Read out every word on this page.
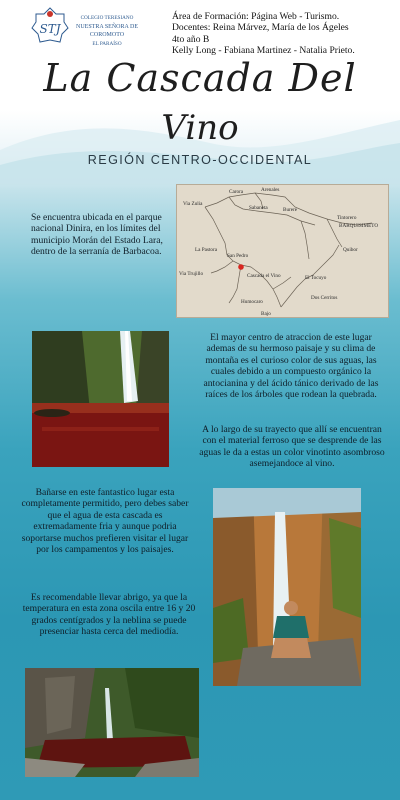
STJ
COLEGIO TERESIANO
NUESTRA SEÑORA DE COROMOTO
EL PARAÍSO
Área de Formación: Página Web - Turismo.
Docentes: Reina Márvez, María de los Ágeles
4to año B
Kelly Long - Fabiana Martinez - Natalia Prieto.
La Cascada Del
Vino
REGIÓN CENTRO-OCCIDENTAL
Se encuentra ubicada en el parque nacional Dinira, en los límites del municipio Morán del Estado Lara, dentro de la serranía de Barbacoa.
Carora	Arenales
Via Zulia
Sabaneta	Burere
Tintorero
BARQUISIMETO
Quibor
La Pastora
San Pedro
Via Trujillo	Cascada el Vino	El Tocuyo
Humocaro
Bajo
Dos Cerritos
El mayor centro de atraccion de este lugar ademas de su hermoso paisaje y su clima de montaña es el curioso color de sus aguas, las cuales debido a un compuesto orgánico la antocianina y del ácido tánico derivado de las raíces de los árboles que rodean la quebrada.
A lo largo de su trayecto que allí se encuentran con el material ferroso que se desprende de las aguas le da a estas un color vinotinto asombroso asemejandoce al vino.
Bañarse en este fantastico lugar esta completamente permitido, pero debes saber que el agua de esta cascada es extremadamente fria y aunque podria soportarse muchos prefieren visitar el lugar por los campamentos y los paisajes.
Es recomendable llevar abrigo, ya que la temperatura en esta zona oscila entre 16 y 20 grados centígrados y la neblina se puede presenciar hasta cerca del mediodía.
